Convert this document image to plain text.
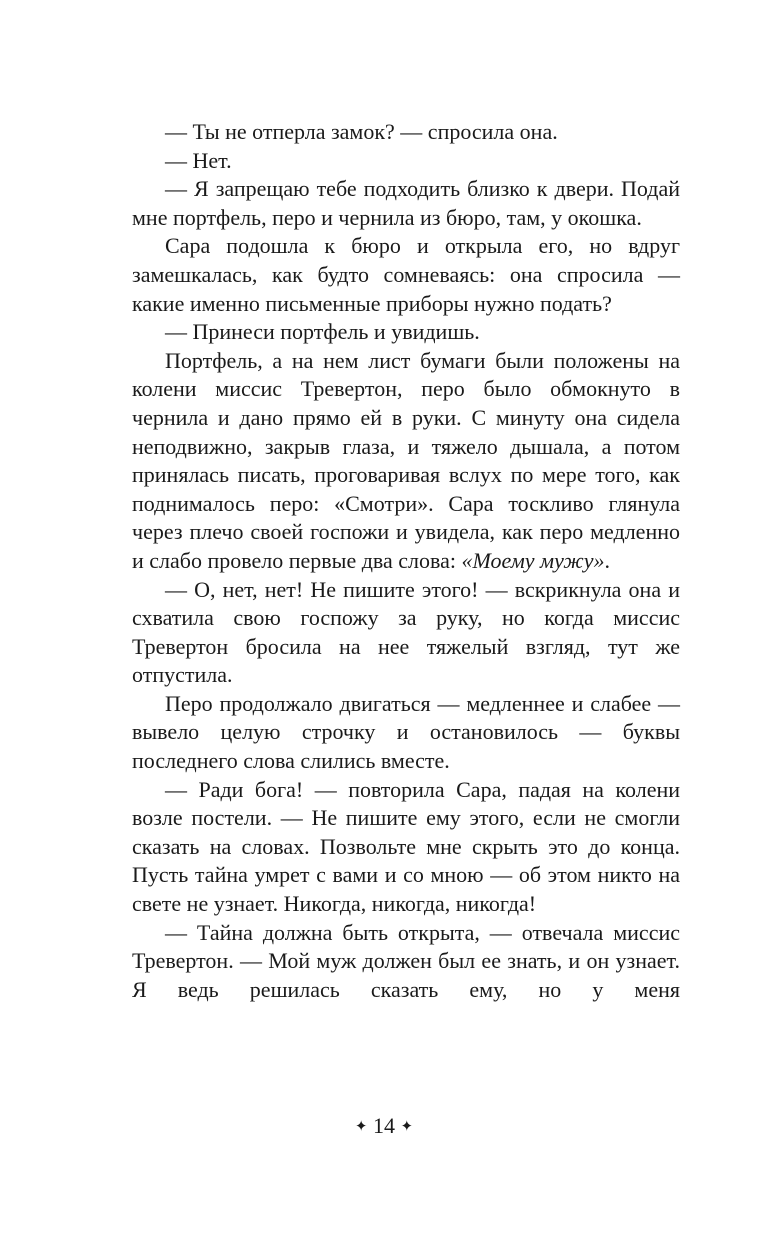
— Ты не отперла замок? — спросила она.

— Нет.

— Я запрещаю тебе подходить близко к двери. Подай мне портфель, перо и чернила из бюро, там, у окошка.

Сара подошла к бюро и открыла его, но вдруг замешкалась, как будто сомневаясь: она спросила — какие именно письменные приборы нужно подать?

— Принеси портфель и увидишь.

Портфель, а на нем лист бумаги были положены на колени миссис Тревертон, перо было обмокнуто в чернила и дано прямо ей в руки. С минуту она сидела неподвижно, закрыв глаза, и тяжело дышала, а потом принялась писать, проговаривая вслух по мере того, как поднималось перо: «Смотри». Сара тоскливо глянула через плечо своей госпожи и увидела, как перо медленно и слабо провело первые два слова: «Моему мужу».

— О, нет, нет! Не пишите этого! — вскрикнула она и схватила свою госпожу за руку, но когда миссис Тревертон бросила на нее тяжелый взгляд, тут же отпустила.

Перо продолжало двигаться — медленнее и слабее — вывело целую строчку и остановилось — буквы последнего слова слились вместе.

— Ради бога! — повторила Сара, падая на колени возле постели. — Не пишите ему этого, если не смогли сказать на словах. Позвольте мне скрыть это до конца. Пусть тайна умрет с вами и со мною — об этом никто на свете не узнает. Никогда, никогда, никогда!

— Тайна должна быть открыта, — отвечала миссис Тревертон. — Мой муж должен был ее знать, и он узнает. Я ведь решилась сказать ему, но у меня

✦ 14 ✦
